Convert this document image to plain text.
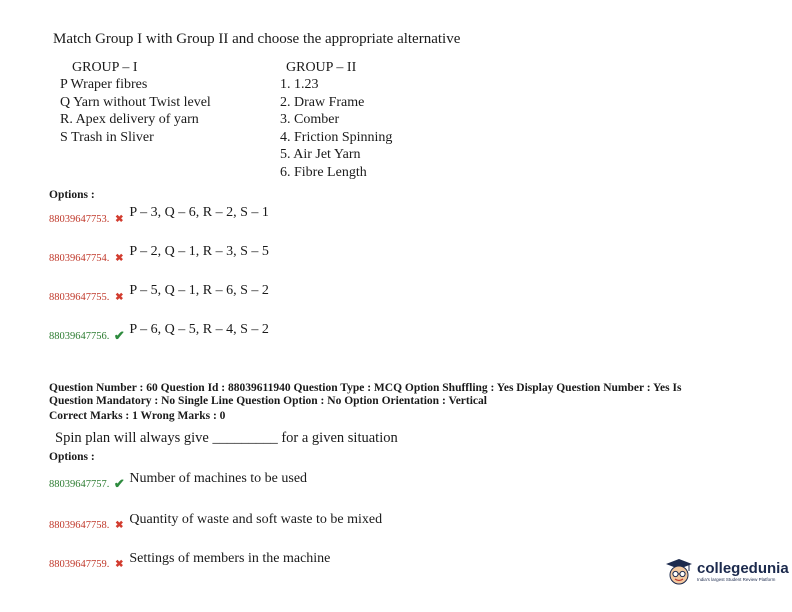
Match Group I with Group II and choose the appropriate alternative
GROUP – I	GROUP – II
P Wraper fibres
Q Yarn without Twist level
R. Apex delivery of yarn
S Trash in Sliver
1. 1.23
2. Draw Frame
3. Comber
4. Friction Spinning
5. Air Jet Yarn
6. Fibre Length
Options :
88039647753. ✖ P – 3, Q – 6, R – 2, S – 1
88039647754. ✖ P – 2, Q – 1, R – 3, S – 5
88039647755. ✖ P – 5, Q – 1, R – 6, S – 2
88039647756. ✔ P – 6, Q – 5, R – 4, S – 2
Question Number : 60 Question Id : 88039611940 Question Type : MCQ Option Shuffling : Yes Display Question Number : Yes Is
Question Mandatory : No Single Line Question Option : No Option Orientation : Vertical
Correct Marks : 1 Wrong Marks : 0
Spin plan will always give _________ for a given situation
Options :
88039647757. ✔ Number of machines to be used
88039647758. ✖ Quantity of waste and soft waste to be mixed
88039647759. ✖ Settings of members in the machine
collegedunia
India's largest Student Review Platform
